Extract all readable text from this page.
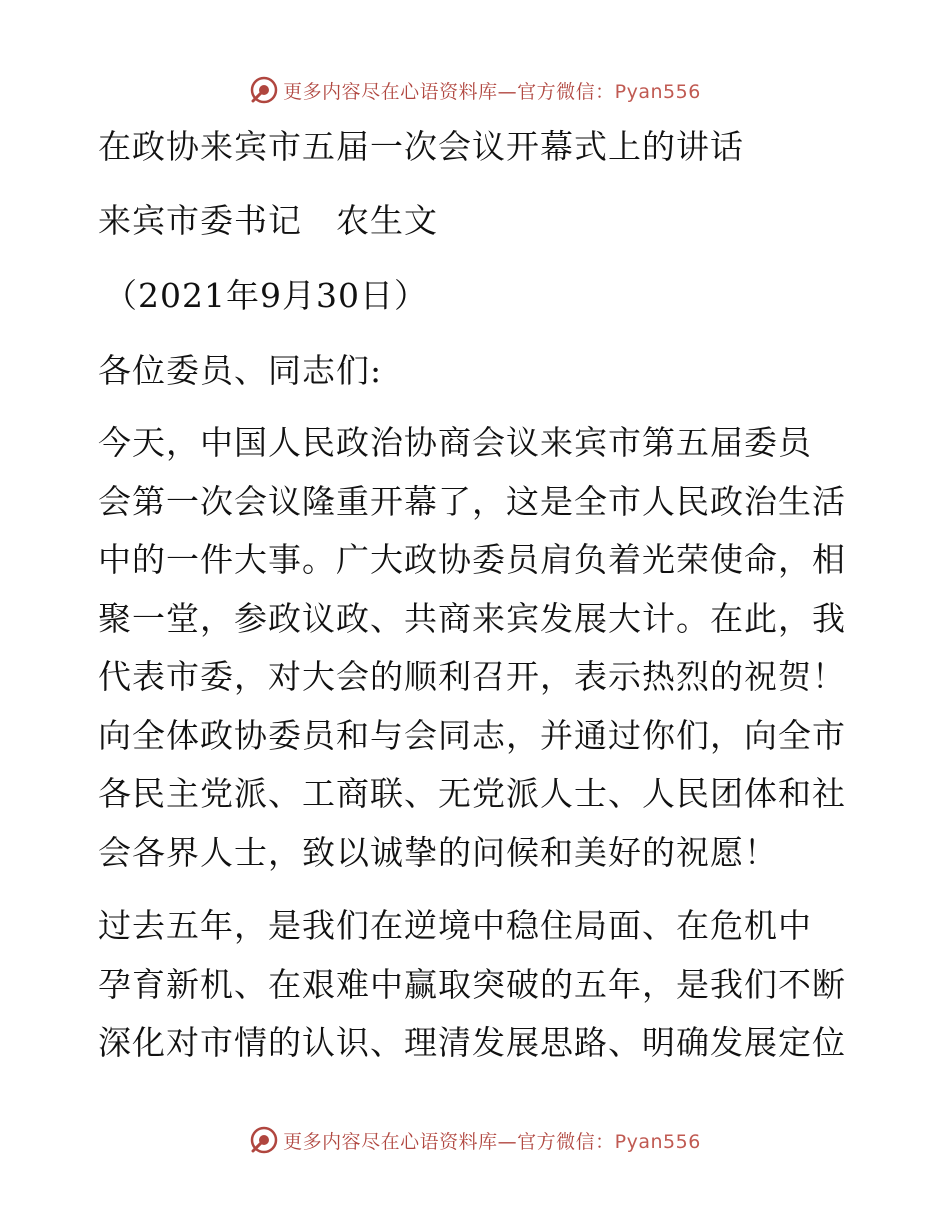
更多内容尽在心语资料库—官方微信：Pyan556
在政协来宾市五届一次会议开幕式上的讲话
来宾市委书记　农生文
（2021年9月30日）
各位委员、同志们:
今天，中国人民政治协商会议来宾市第五届委员
会第一次会议隆重开幕了，这是全市人民政治生活
中的一件大事。广大政协委员肩负着光荣使命，相
聚一堂，参政议政、共商来宾发展大计。在此，我
代表市委，对大会的顺利召开，表示热烈的祝贺！
向全体政协委员和与会同志，并通过你们，向全市
各民主党派、工商联、无党派人士、人民团体和社
会各界人士，致以诚挚的问候和美好的祝愿！
过去五年，是我们在逆境中稳住局面、在危机中
孕育新机、在艰难中赢取突破的五年，是我们不断
深化对市情的认识、理清发展思路、明确发展定位
更多内容尽在心语资料库—官方微信：Pyan556
